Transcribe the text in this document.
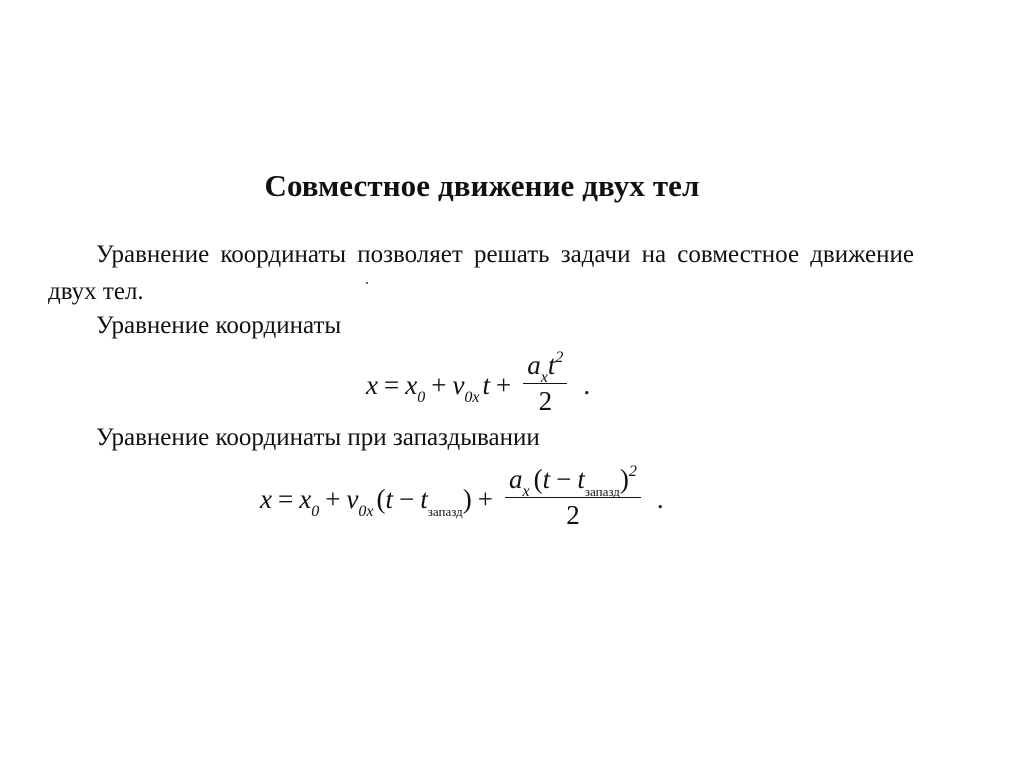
Совместное движение двух тел
Уравнение координаты позволяет решать задачи на совместное движение двух тел.
Уравнение координаты
$x = x_0 + v_{0x}$ $t + \frac{a_xt^2}{2}$ .
Уравнение координаты при запаздывании
$x = x_0 + v_{0x}$ ( $t - t_{запазд}$ ) + $\frac{a_x (t - t_{запазд})^2}{2}$ .
